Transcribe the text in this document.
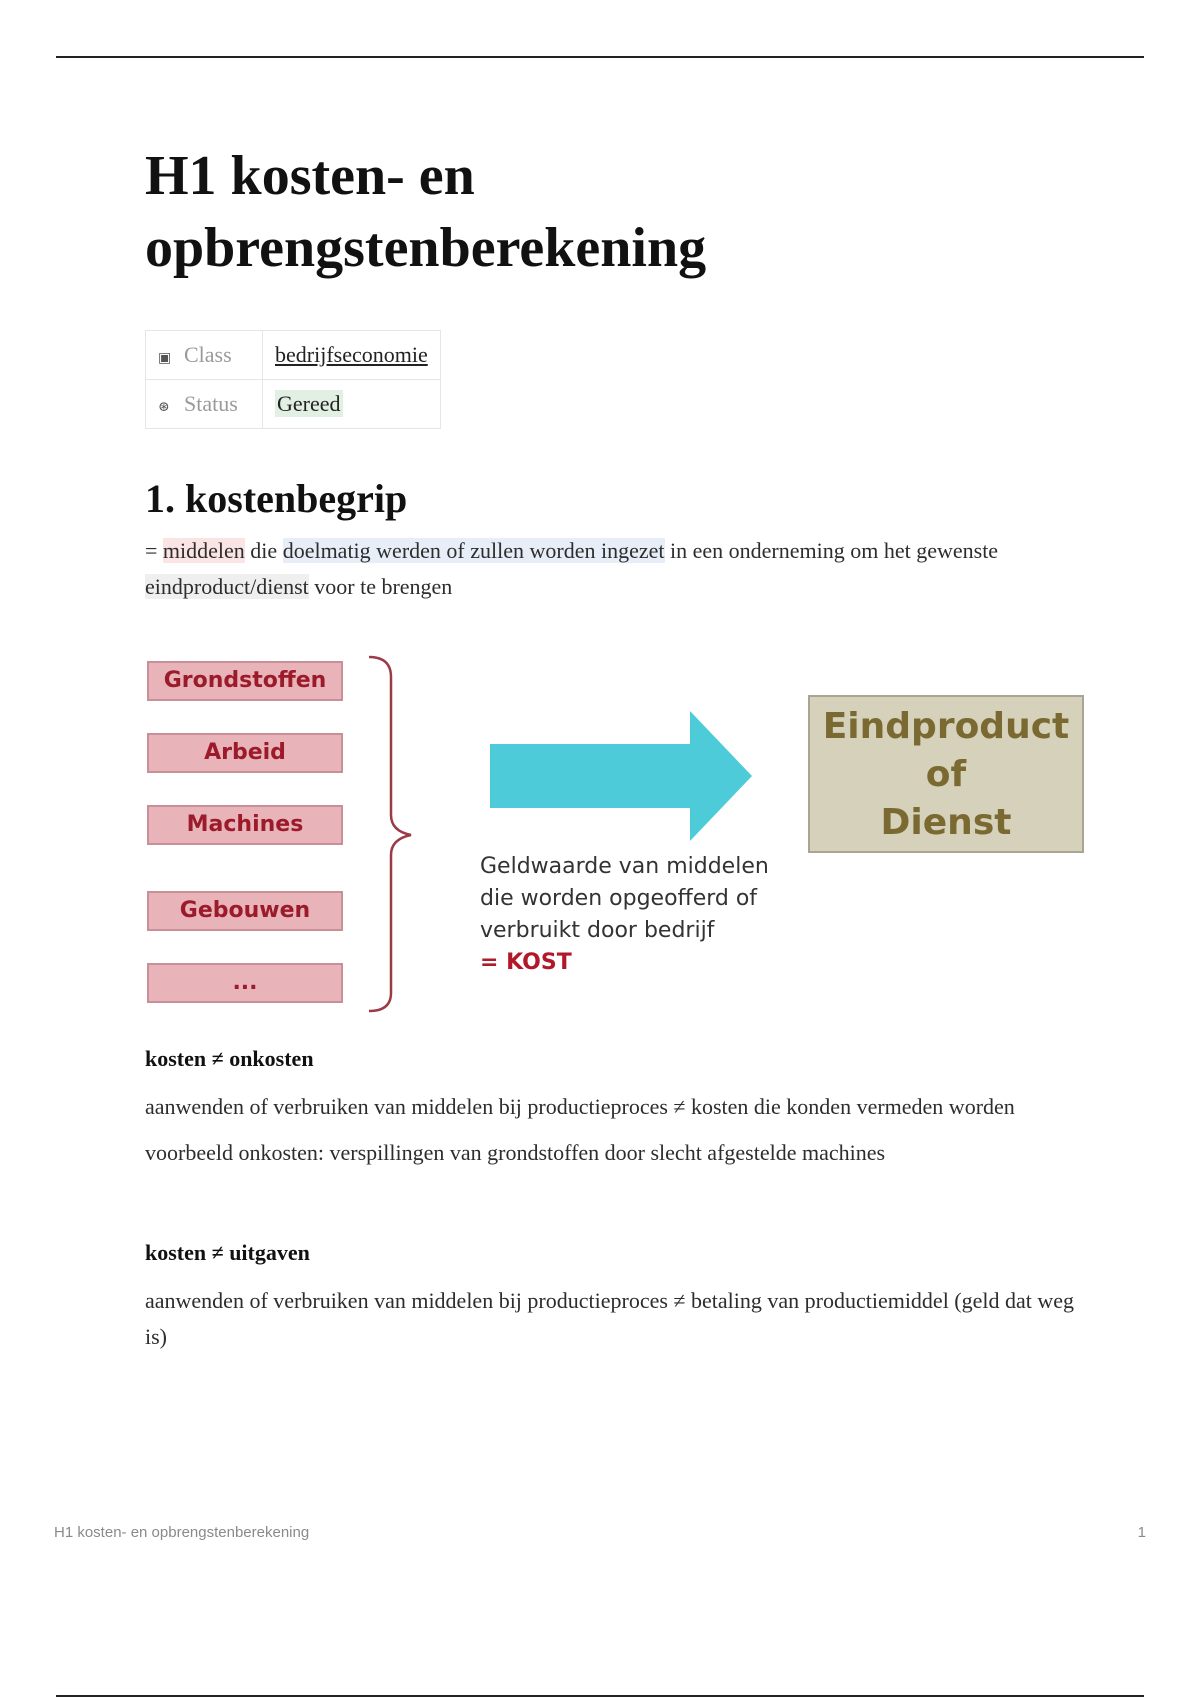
H1 kosten- en
opbrengstenberekening
▣ Class	bedrijfseconomie
⊛ Status	Gereed
1. kostenbegrip

= middelen die doelmatig werden of zullen worden ingezet in een onderneming om het gewenste eindproduct/dienst voor te brengen

Grondstoffen
Arbeid
Machines
Gebouwen
...
Eindproduct
of
Dienst
Geldwaarde van middelen
die worden opgeofferd of
verbruikt door bedrijf
= KOST

kosten ≠ onkosten

aanwenden of verbruiken van middelen bij productieproces ≠ kosten die konden vermeden worden

voorbeeld onkosten: verspillingen van grondstoffen door slecht afgestelde machines

kosten ≠ uitgaven

aanwenden of verbruiken van middelen bij productieproces ≠ betaling van productiemiddel (geld dat weg is)

H1 kosten- en opbrengstenberekening	1
